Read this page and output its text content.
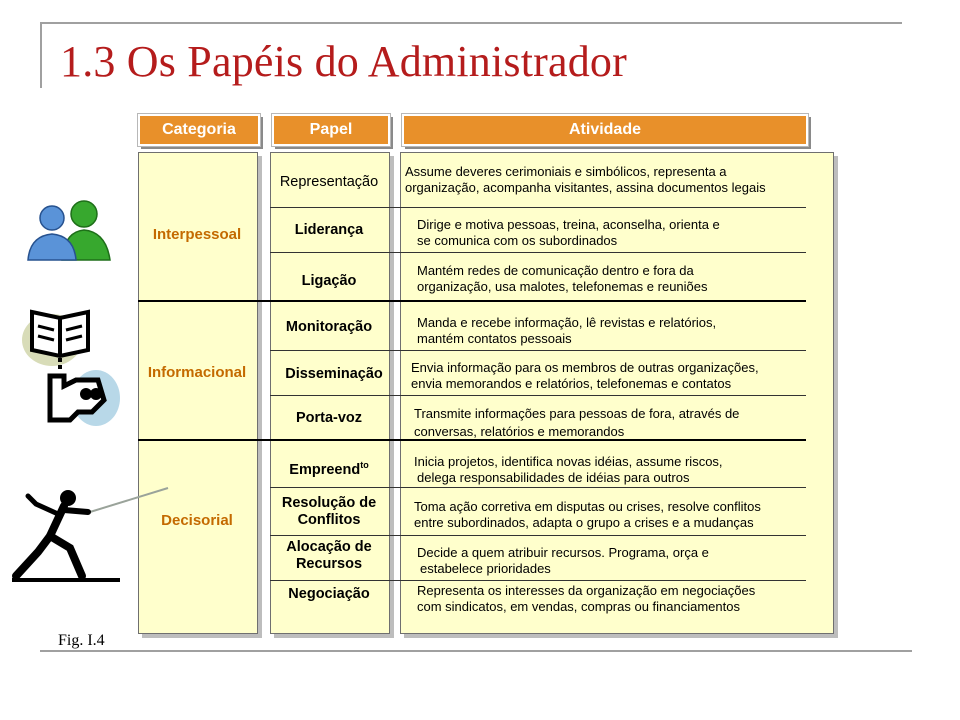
1.3 Os Papéis do Administrador
Categoria	Papel	Atividade
Interpessoal
Informacional
Decisorial
Representação
Liderança
Ligação
Monitoração
Disseminação
Porta-voz
Empreend$^{to}$
Resolução de
Conflitos
Alocação de
Recursos
Negociação
Assume deveres cerimoniais e simbólicos, representa a
organização, acompanha visitantes, assina documentos legais
Dirige e motiva pessoas, treina, aconselha, orienta e
se comunica com os subordinados
Mantém redes de comunicação dentro e fora da
organização, usa malotes, telefonemas e reuniões
Manda e recebe informação, lê revistas e relatórios,
mantém contatos pessoais
Envia informação para os membros de outras organizações,
envia memorandos e relatórios, telefonemas e contatos
Transmite informações para pessoas de fora, através de
conversas, relatórios e memorandos
Inicia projetos, identifica novas idéias, assume riscos,
delega responsabilidades de idéias para outros
Toma ação corretiva em disputas ou crises, resolve conflitos
entre subordinados, adapta o grupo a crises e a mudanças
Decide a quem atribuir recursos. Programa, orça e
estabelece prioridades
Representa os interesses da organização em negociações
com sindicatos, em vendas, compras ou financiamentos
Fig. I.4
